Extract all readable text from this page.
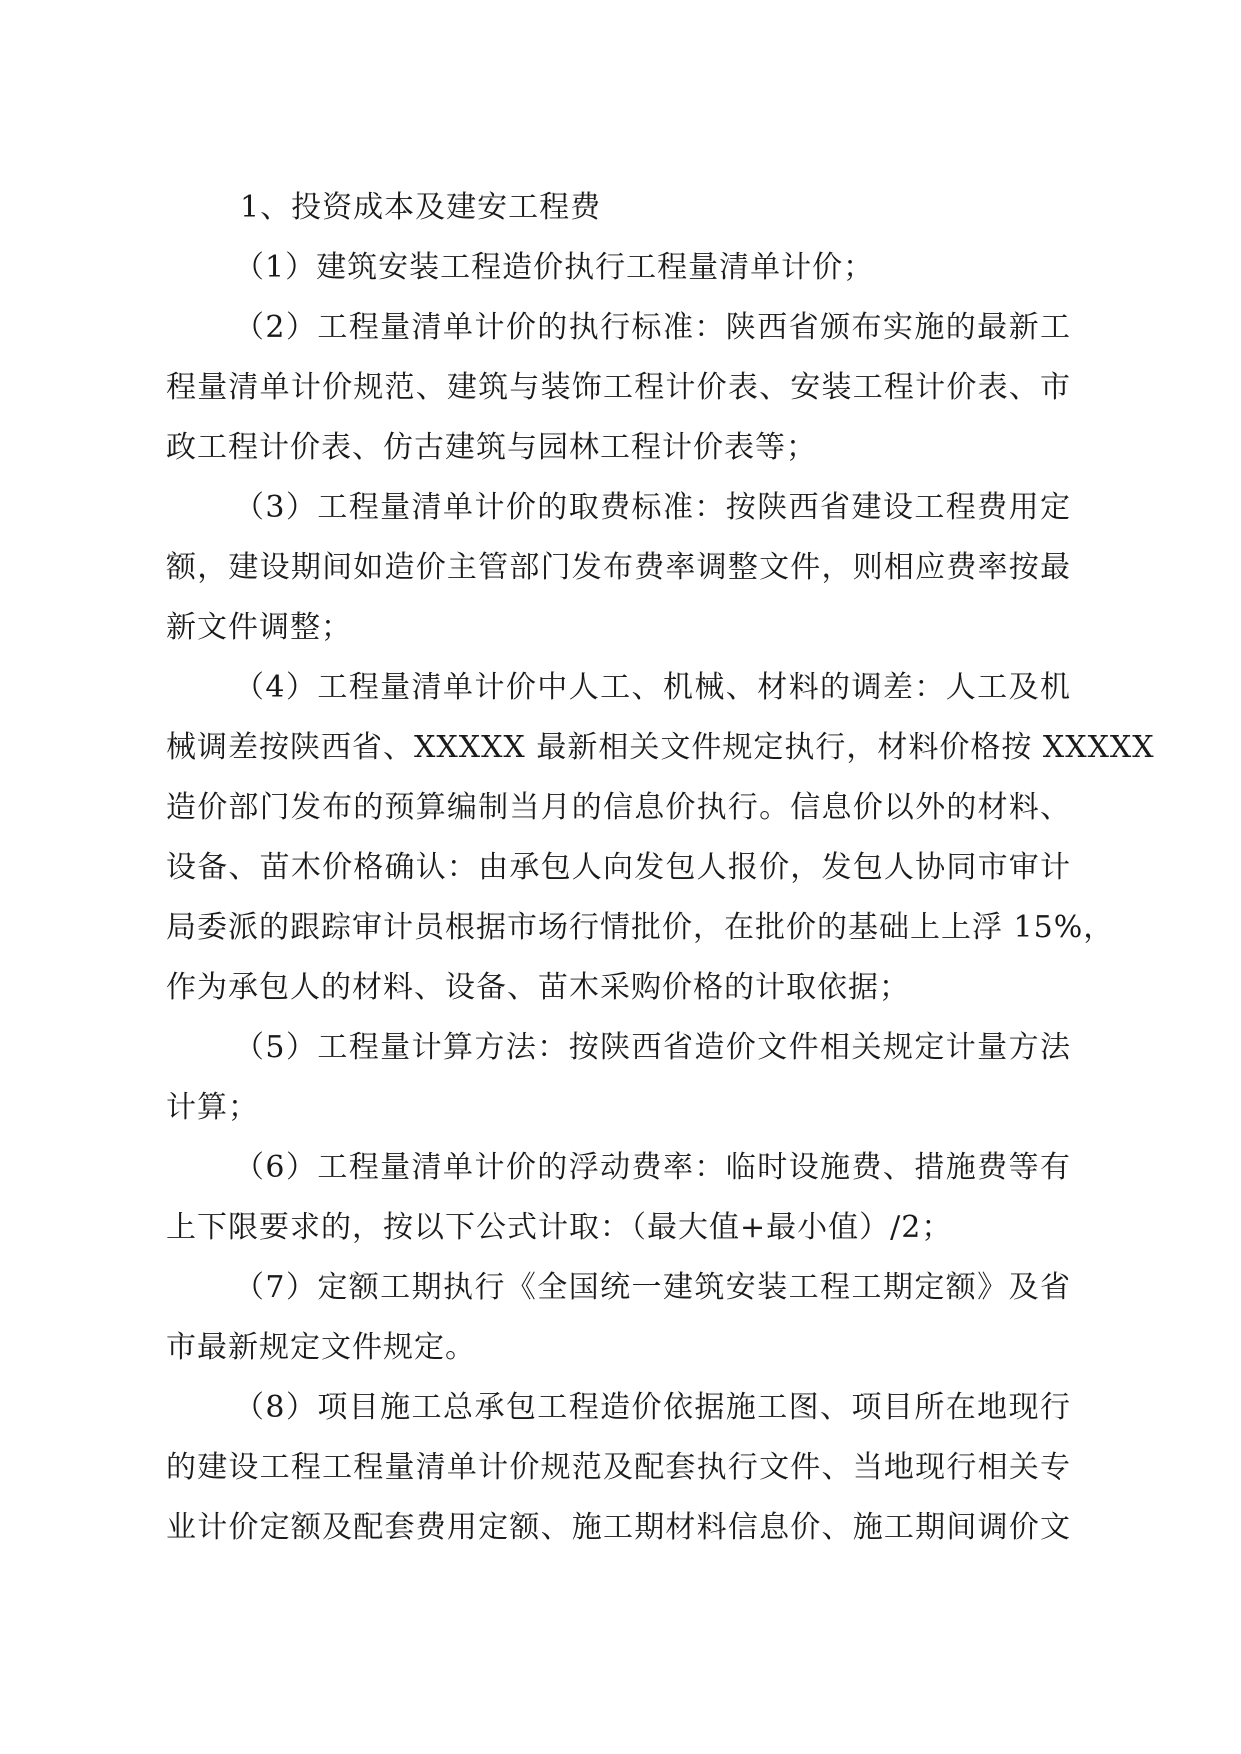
1、投资成本及建安工程费
（1）建筑安装工程造价执行工程量清单计价；
（2）工程量清单计价的执行标准：陕西省颁布实施的最新工
程量清单计价规范、建筑与装饰工程计价表、安装工程计价表、市
政工程计价表、仿古建筑与园林工程计价表等；
（3）工程量清单计价的取费标准：按陕西省建设工程费用定
额，建设期间如造价主管部门发布费率调整文件，则相应费率按最
新文件调整；
（4）工程量清单计价中人工、机械、材料的调差：人工及机
械调差按陕西省、XXXXX 最新相关文件规定执行，材料价格按 XXXXX
造价部门发布的预算编制当月的信息价执行。信息价以外的材料、
设备、苗木价格确认：由承包人向发包人报价，发包人协同市审计
局委派的跟踪审计员根据市场行情批价，在批价的基础上上浮 15%，
作为承包人的材料、设备、苗木采购价格的计取依据；
（5）工程量计算方法：按陕西省造价文件相关规定计量方法
计算；
（6）工程量清单计价的浮动费率：临时设施费、措施费等有
上下限要求的，按以下公式计取：（最大值+最小值）/2；
（7）定额工期执行《全国统一建筑安装工程工期定额》及省
市最新规定文件规定。
（8）项目施工总承包工程造价依据施工图、项目所在地现行
的建设工程工程量清单计价规范及配套执行文件、当地现行相关专
业计价定额及配套费用定额、施工期材料信息价、施工期间调价文
